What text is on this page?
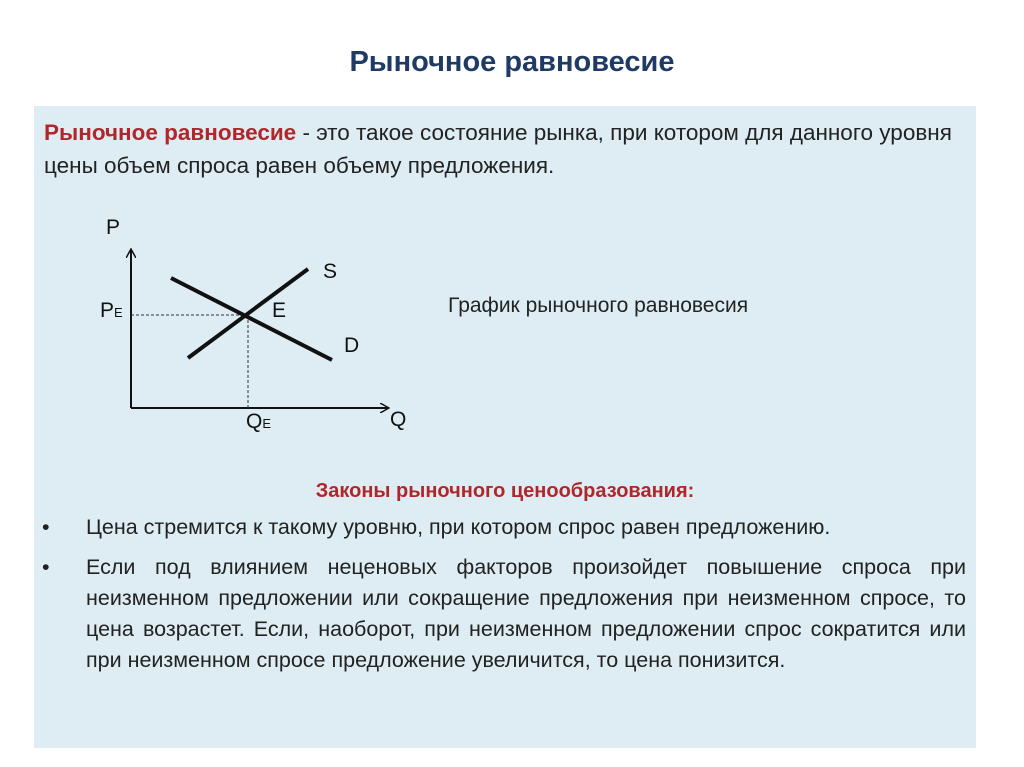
Рыночное равновесие
Рыночное равновесие - это такое состояние рынка, при котором для данного уровня цены объем спроса равен объему предложения.
P
Q
S
D
E
PE
QE
График рыночного равновесия
Законы рыночного ценообразования:
• Цена стремится к такому уровню, при котором спрос равен предложению.
• Если под влиянием неценовых факторов произойдет повышение спроса при неизменном предложении или сокращение предложения при неизменном спросе, то цена возрастет. Если, наоборот, при неизменном предложении спрос сократится или при неизменном спросе предложение увеличится, то цена понизится.
